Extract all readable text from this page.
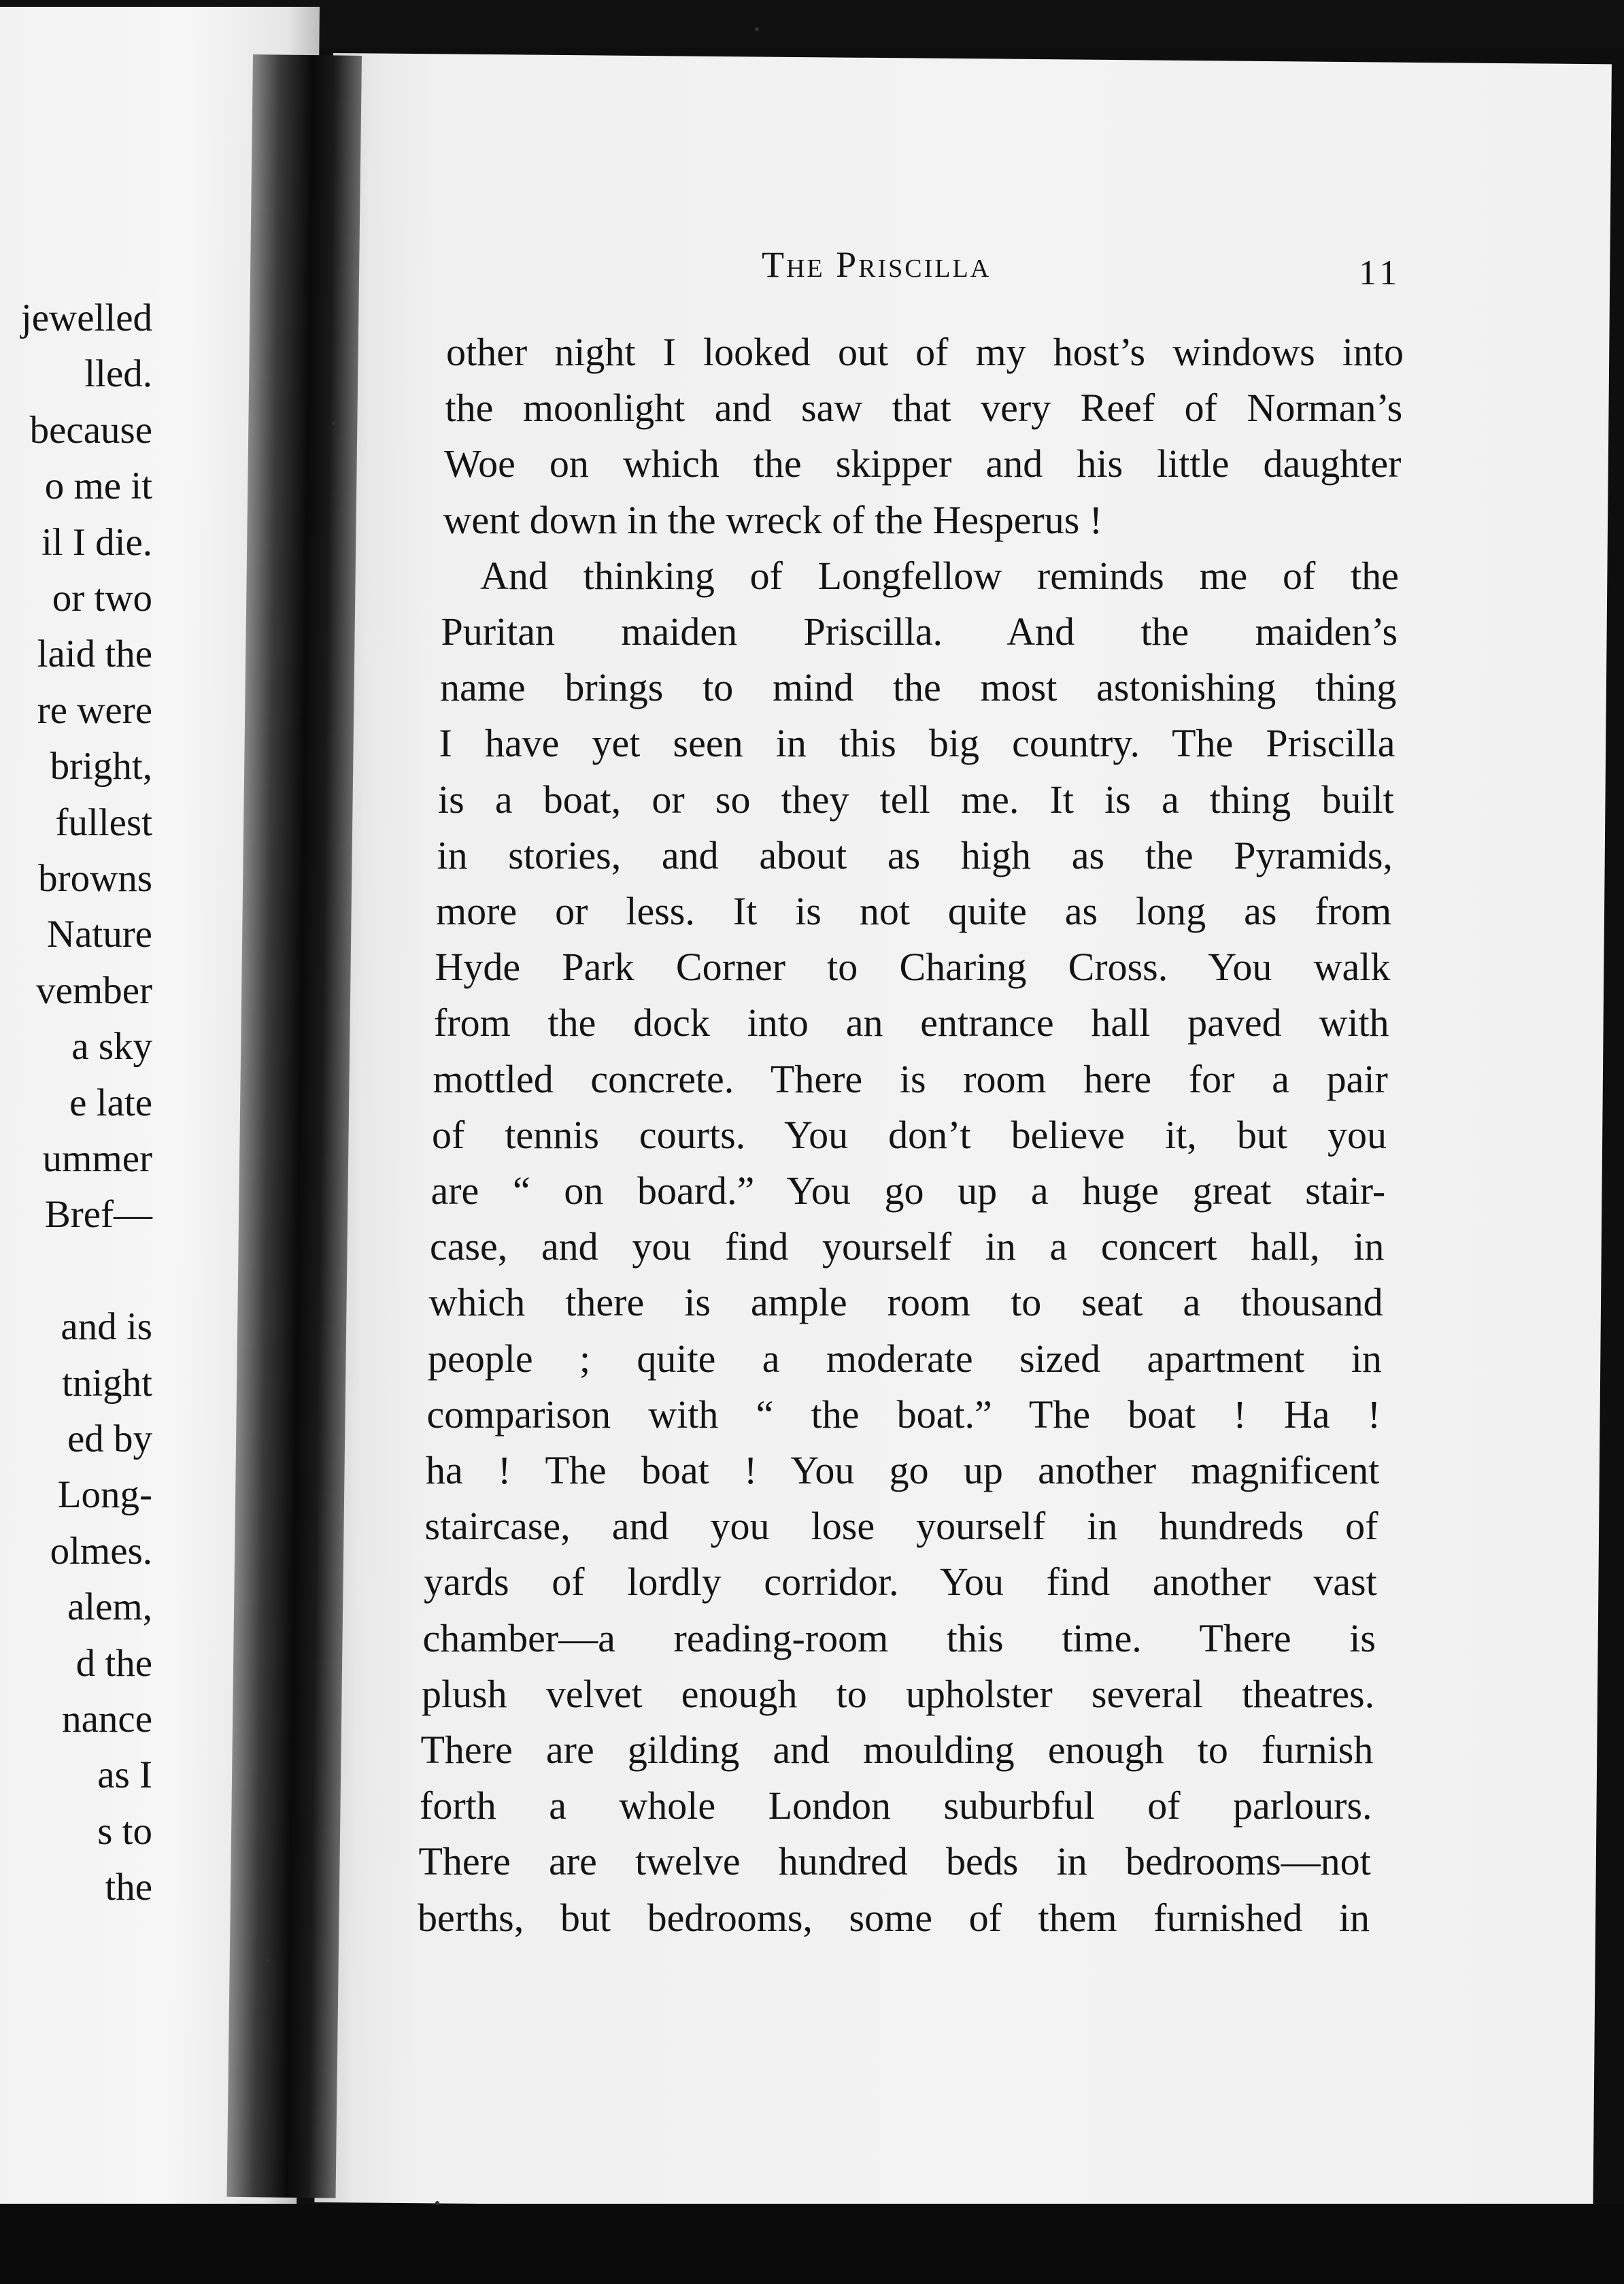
The Priscilla	11
other night I looked out of my host’s windows into
the moonlight and saw that very Reef of Norman’s
Woe on which the skipper and his little daughter
went down in the wreck of the Hesperus !
And thinking of Longfellow reminds me of the
Puritan maiden Priscilla. And the maiden’s
name brings to mind the most astonishing thing
I have yet seen in this big country. The Priscilla
is a boat, or so they tell me. It is a thing built
in stories, and about as high as the Pyramids,
more or less. It is not quite as long as from
Hyde Park Corner to Charing Cross. You walk
from the dock into an entrance hall paved with
mottled concrete. There is room here for a pair
of tennis courts. You don’t believe it, but you
are “ on board.” You go up a huge great stair-
case, and you find yourself in a concert hall, in
which there is ample room to seat a thousand
people ; quite a moderate sized apartment in
comparison with “ the boat.” The boat ! Ha !
ha ! The boat ! You go up another magnificent
staircase, and you lose yourself in hundreds of
yards of lordly corridor. You find another vast
chamber—a reading-room this time. There is
plush velvet enough to upholster several theatres.
There are gilding and moulding enough to furnish
forth a whole London suburbful of parlours.
There are twelve hundred beds in bedrooms—not
berths, but bedrooms, some of them furnished in
jewelled
lled.
because
o me it
il I die.
or two
laid the
re were
bright,
fullest
browns
Nature
vember
a sky
e late
ummer
Bref—
and is
tnight
ed by
Long-
olmes.
alem,
d the
nance
as I
s to
the
